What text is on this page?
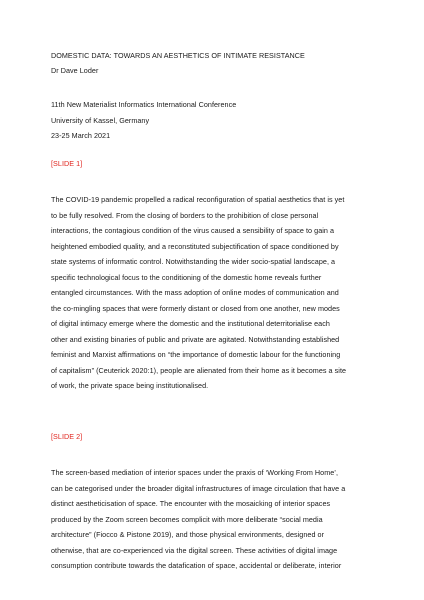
DOMESTIC DATA: TOWARDS AN AESTHETICS OF INTIMATE RESISTANCE
Dr Dave Loder
11th New Materialist Informatics International Conference
University of Kassel, Germany
23-25 March 2021
[SLIDE 1]
The COVID-19 pandemic propelled a radical reconfiguration of spatial aesthetics that is yet
to be fully resolved. From the closing of borders to the prohibition of close personal
interactions, the contagious condition of the virus caused a sensibility of space to gain a
heightened embodied quality, and a reconstituted subjectification of space conditioned by
state systems of informatic control. Notwithstanding the wider socio-spatial landscape, a
specific technological focus to the conditioning of the domestic home reveals further
entangled circumstances. With the mass adoption of online modes of communication and
the co-mingling spaces that were formerly distant or closed from one another, new modes
of digital intimacy emerge where the domestic and the institutional deterritorialise each
other and existing binaries of public and private are agitated. Notwithstanding established
feminist and Marxist affirmations on “the importance of domestic labour for the functioning
of capitalism” (Ceuterick 2020:1), people are alienated from their home as it becomes a site
of work, the private space being institutionalised.
[SLIDE 2]
The screen-based mediation of interior spaces under the praxis of ‘Working From Home’,
can be categorised under the broader digital infrastructures of image circulation that have a
distinct aestheticisation of space. The encounter with the mosaicking of interior spaces
produced by the Zoom screen becomes complicit with more deliberate “social media
architecture” (Fiocco & Pistone 2019), and those physical environments, designed or
otherwise, that are co-experienced via the digital screen. These activities of digital image
consumption contribute towards the datafication of space, accidental or deliberate, interior
